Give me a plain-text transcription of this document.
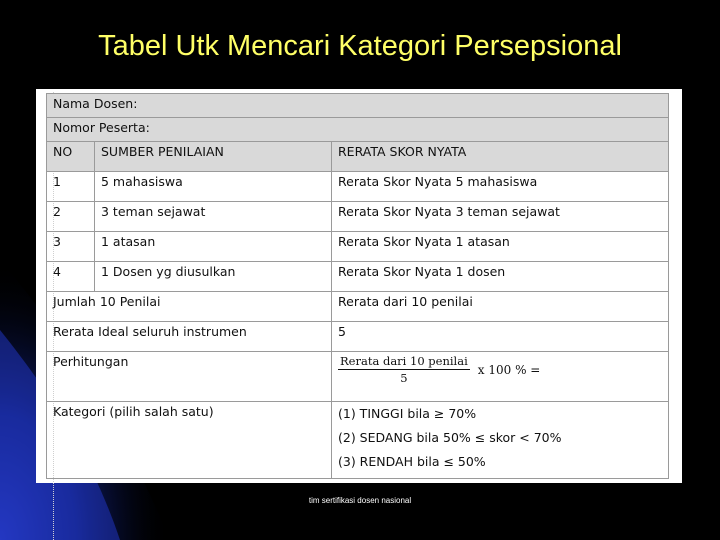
Tabel Utk Mencari Kategori Persepsional
Nama Dosen:		
Nomor Peserta:		
NO	SUMBER PENILAIAN	RERATA SKOR NYATA
1	5 mahasiswa	Rerata Skor Nyata 5 mahasiswa
2	3 teman sejawat	Rerata Skor Nyata 3 teman sejawat
3	1 atasan	Rerata Skor Nyata 1 atasan
4	1 Dosen yg diusulkan	Rerata Skor Nyata 1 dosen
Jumlah 10 Penilai		Rerata dari 10 penilai
Rerata Ideal seluruh instrumen		5
Perhitungan		$\frac{\text{Rerata dari 10 penilai}}{5}$ x 100 % =
Kategori (pilih salah satu)		(1) TINGGI bila ≥ 70%
(2) SEDANG bila 50% ≤ skor < 70%
(3) RENDAH bila ≤ 50%
tim sertifikasi dosen nasional
